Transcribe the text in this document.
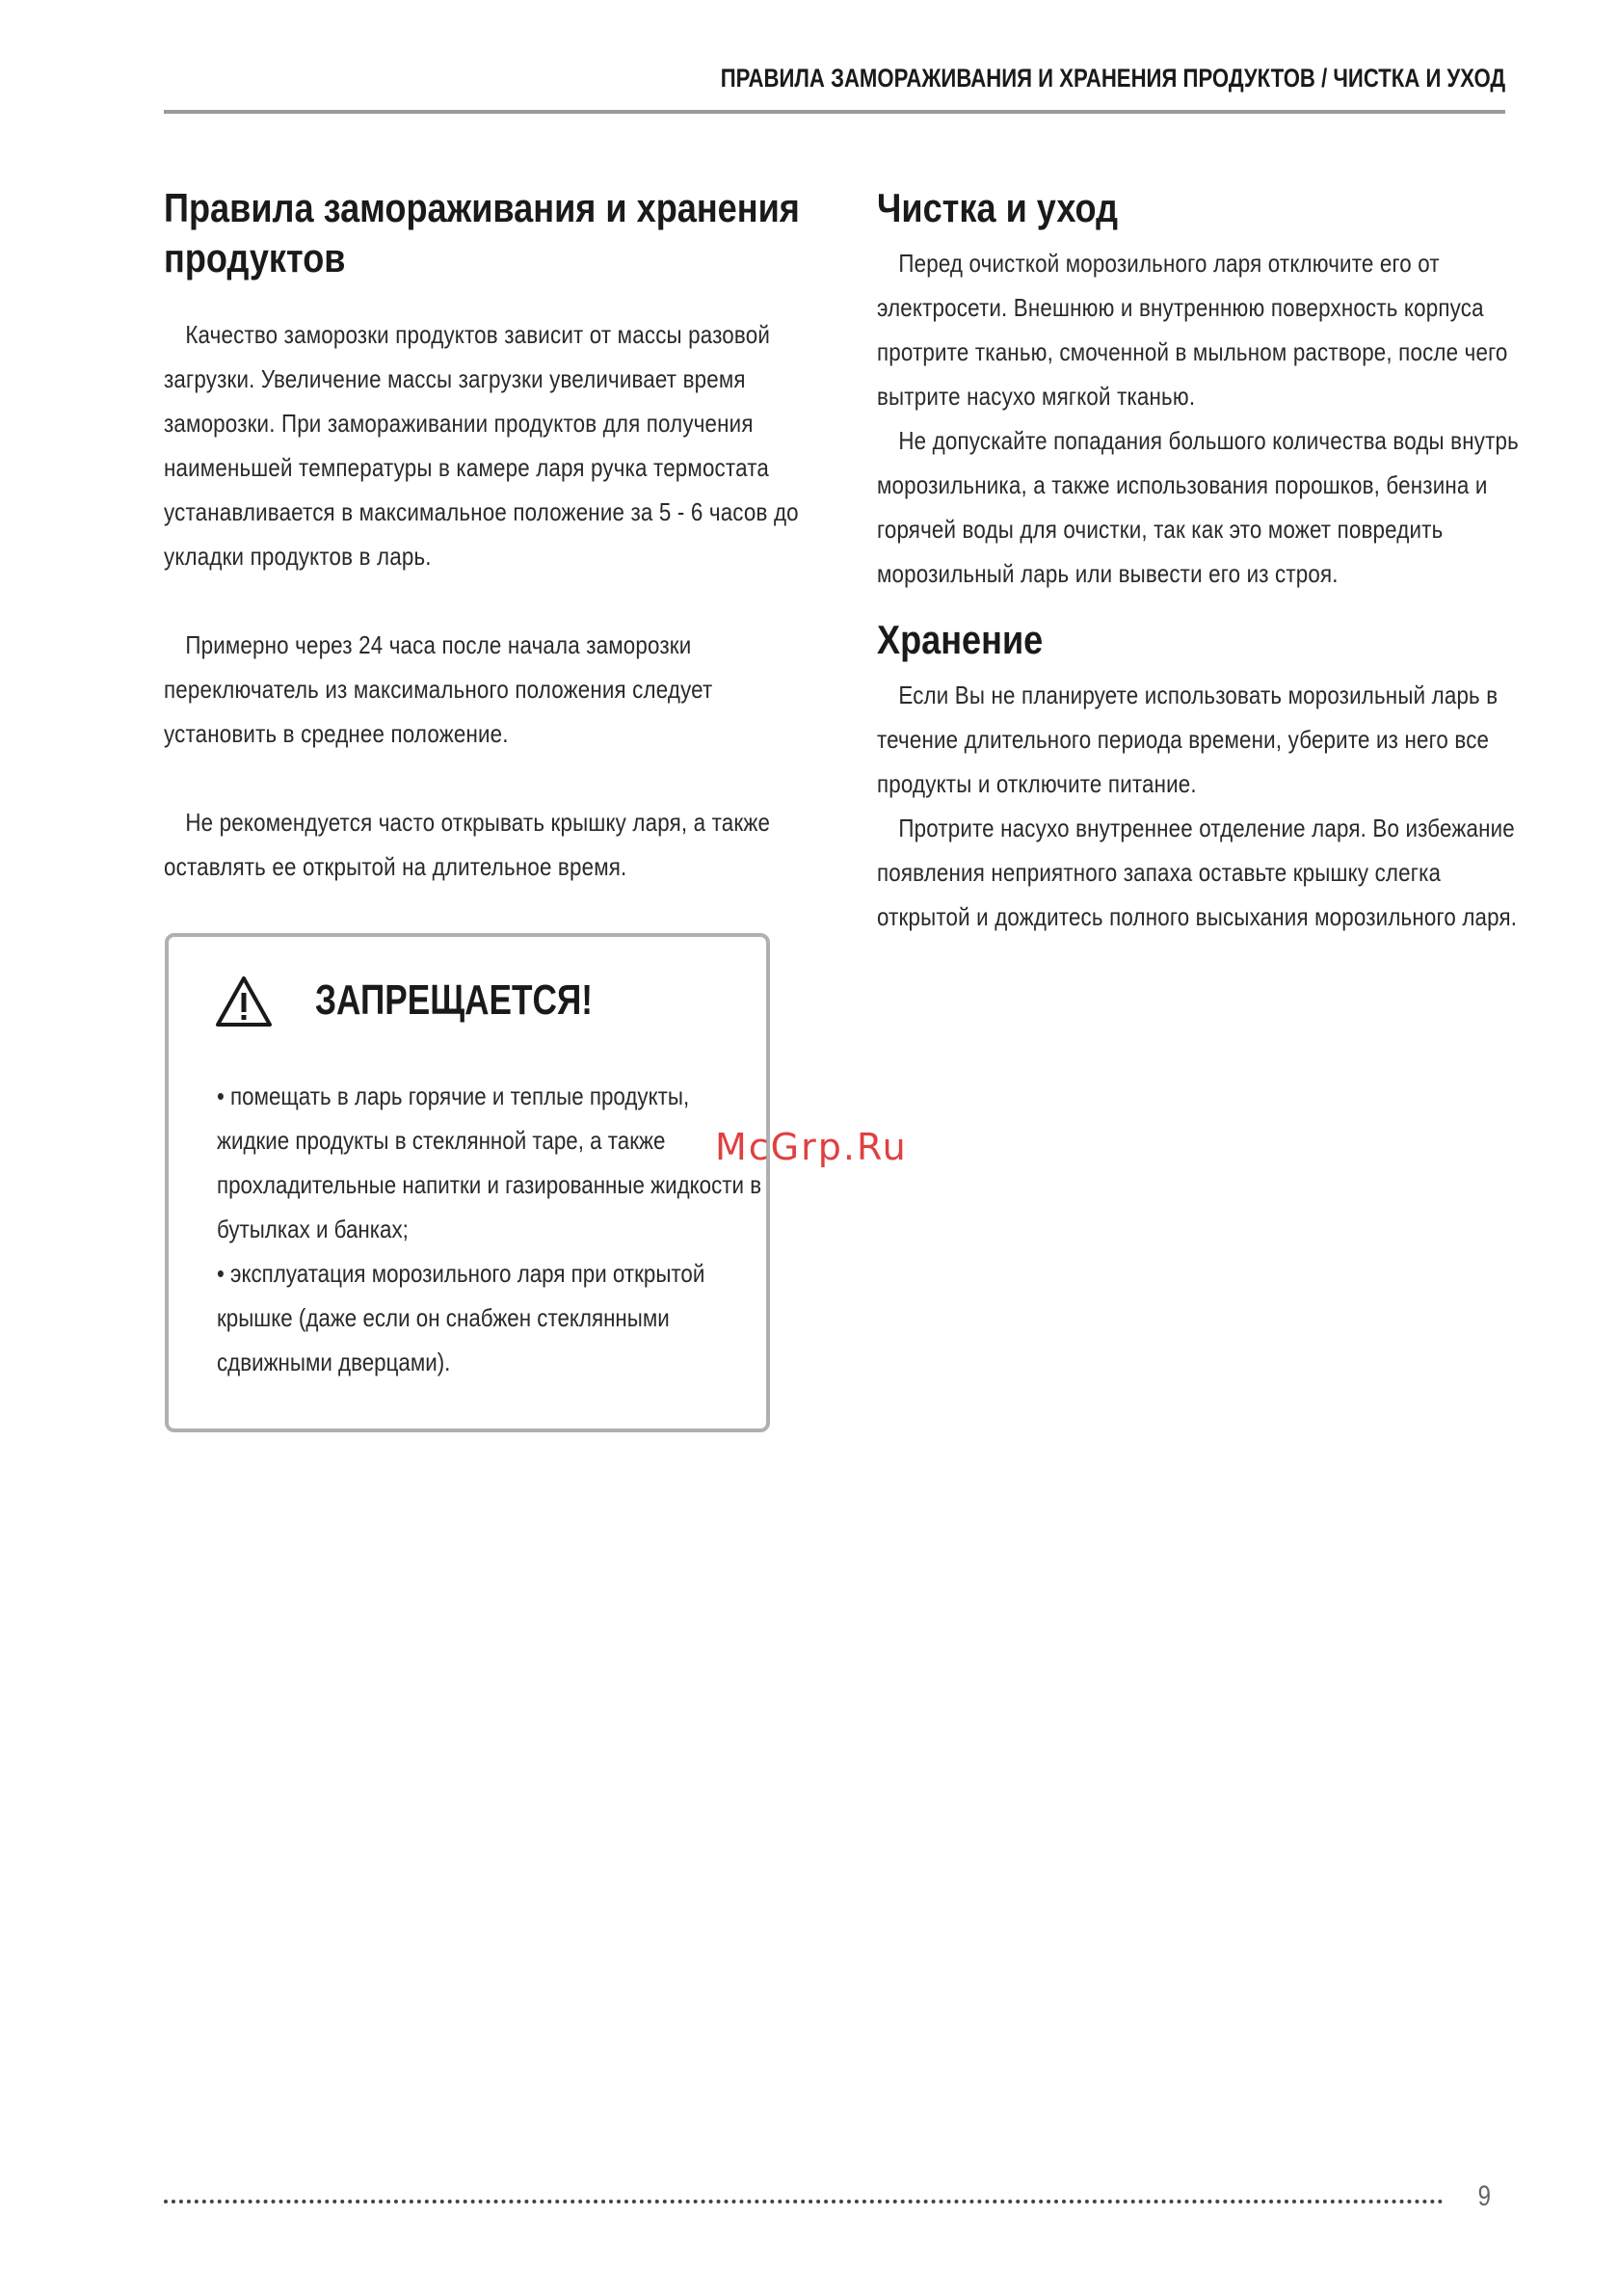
ПРАВИЛА ЗАМОРАЖИВАНИЯ И ХРАНЕНИЯ ПРОДУКТОВ / ЧИСТКА И УХОД
Правила замораживания и хранения продуктов

Качество заморозки продуктов зависит от массы разовой загрузки. Увеличение массы загрузки увеличивает время заморозки. При замораживании продуктов для получения наименьшей температуры в камере ларя ручка термостата устанавливается в максимальное положение за 5 - 6 часов до укладки продуктов в ларь.

Примерно через 24 часа после начала заморозки переключатель из максимального положения следует установить в среднее положение.

Не рекомендуется часто открывать крышку ларя, а также оставлять ее открытой на длительное время.

ЗАПРЕЩАЕТСЯ!
• помещать в ларь горячие и теплые продукты, жидкие продукты в стеклянной таре, а также прохладительные напитки и газированные жидкости в бутылках и банках;
• эксплуатация морозильного ларя при открытой крышке (даже если он снабжен стеклянными сдвижными дверцами).
Чистка и уход

Перед очисткой морозильного ларя отключите его от электросети. Внешнюю и внутреннюю поверхность корпуса протрите тканью, смоченной в мыльном растворе, после чего вытрите насухо мягкой тканью.

Не допускайте попадания большого количества воды внутрь морозильника, а также использования порошков, бензина и горячей воды для очистки, так как это может повредить морозильный ларь или вывести его из строя.

Хранение

Если Вы не планируете использовать морозильный ларь в течение длительного периода времени, уберите из него все продукты и отключите питание.

Протрите насухо внутреннее отделение ларя. Во избежание появления неприятного запаха оставьте крышку слегка открытой и дождитесь полного высыхания морозильного ларя.

McGrp.Ru
9
